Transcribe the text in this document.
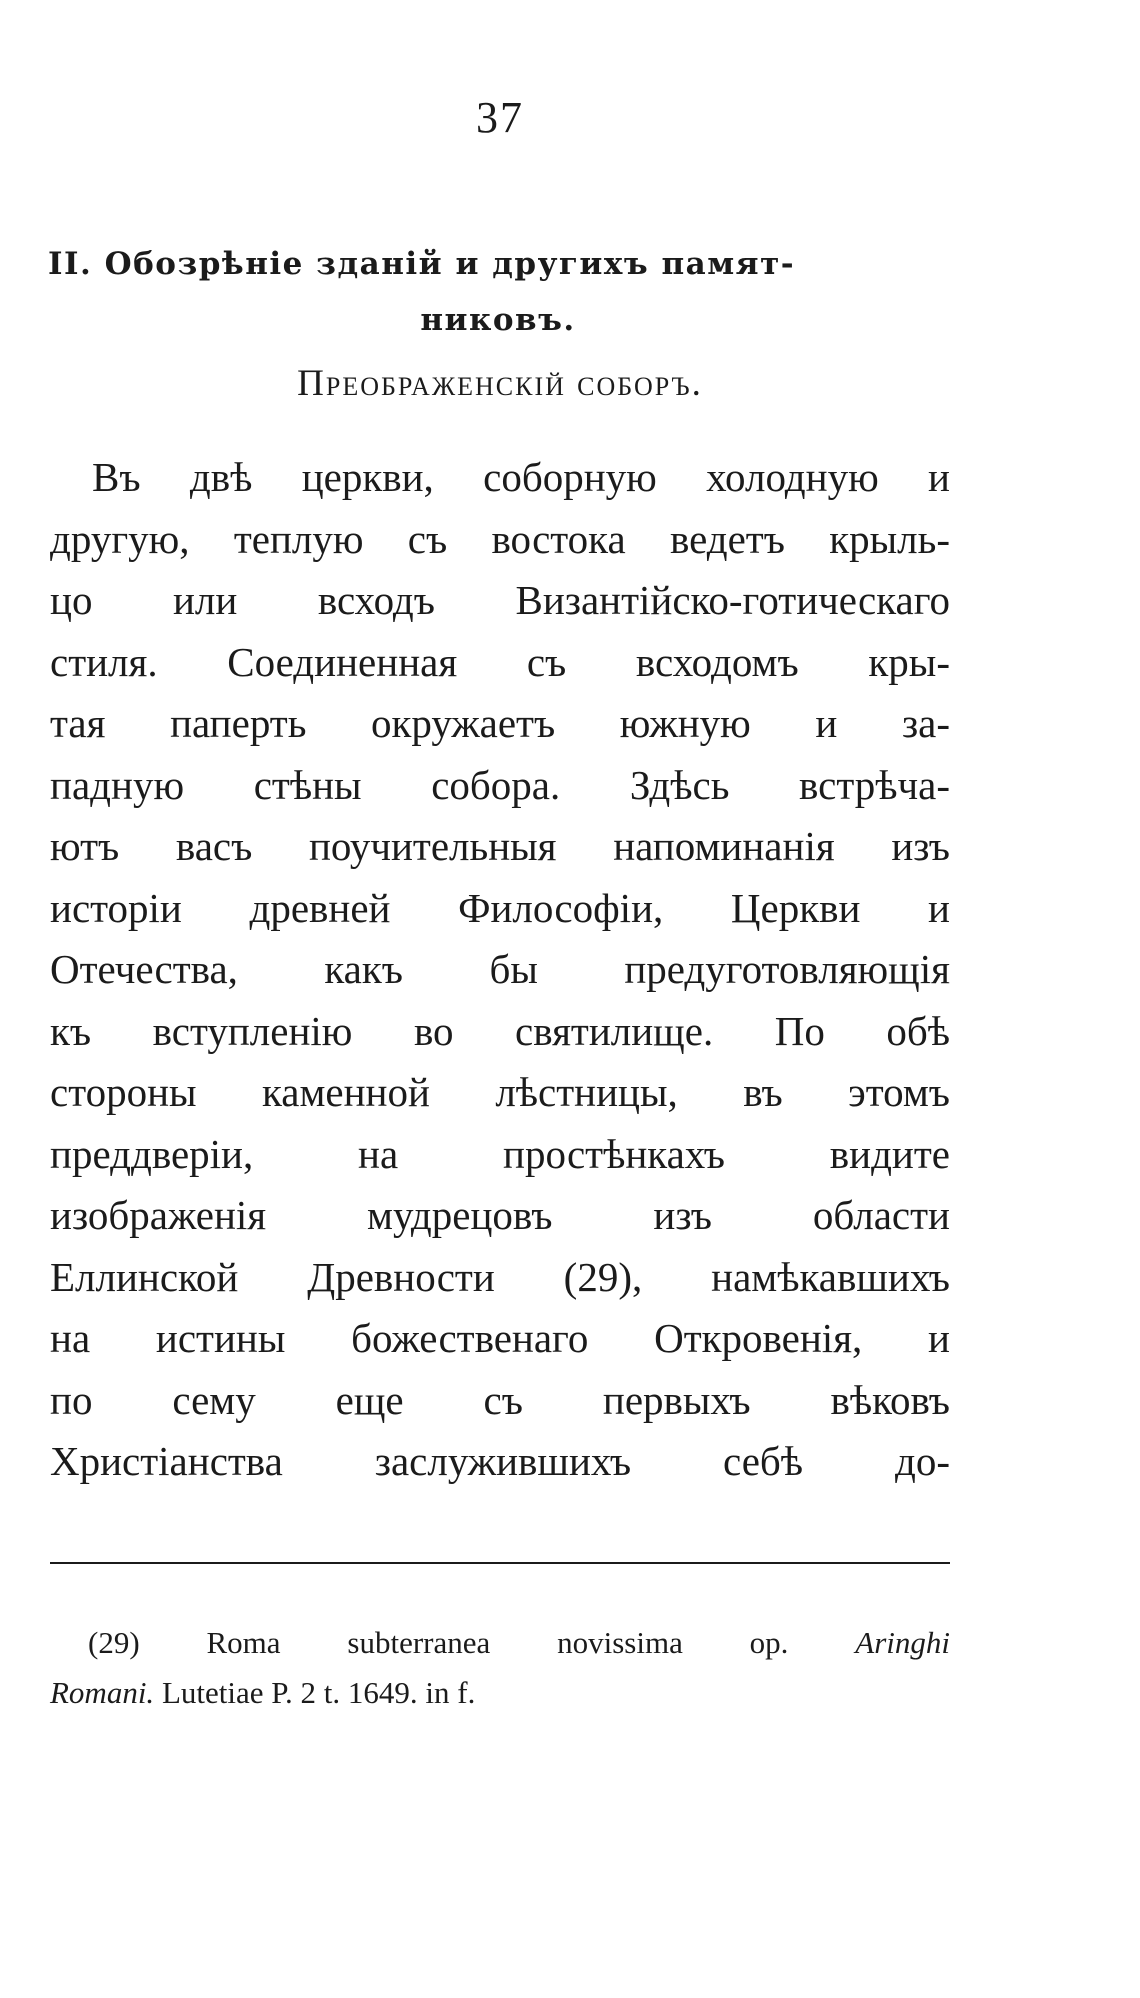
37
II. Обозрѣніе зданій и другихъ памят-
никовъ.
Преображенскій соборъ.
Въ двѣ церкви, соборную холодную и
другую, теплую съ востока ведетъ крыль-
цо или всходъ Византійско-готическаго
стиля. Соединенная съ всходомъ кры-
тая паперть окружаетъ южную и за-
падную стѣны собора. Здѣсь встрѣча-
ютъ васъ поучительныя напоминанія изъ
исторіи древней Философіи, Церкви и
Отечества, какъ бы предуготовляющія
къ вступленію во святилище. По обѣ
стороны каменной лѣстницы, въ этомъ
преддверіи, на простѣнкахъ видите
изображенія мудрецовъ изъ области
Еллинской Древности (29), намѣкавшихъ
на истины божественаго Откровенія, и
по сему еще съ первыхъ вѣковъ
Христіанства заслужившихъ себѣ до-
(29) Roma subterranea novissima op. Aringhi
Romani. Lutetiae P. 2 t. 1649. in f.
